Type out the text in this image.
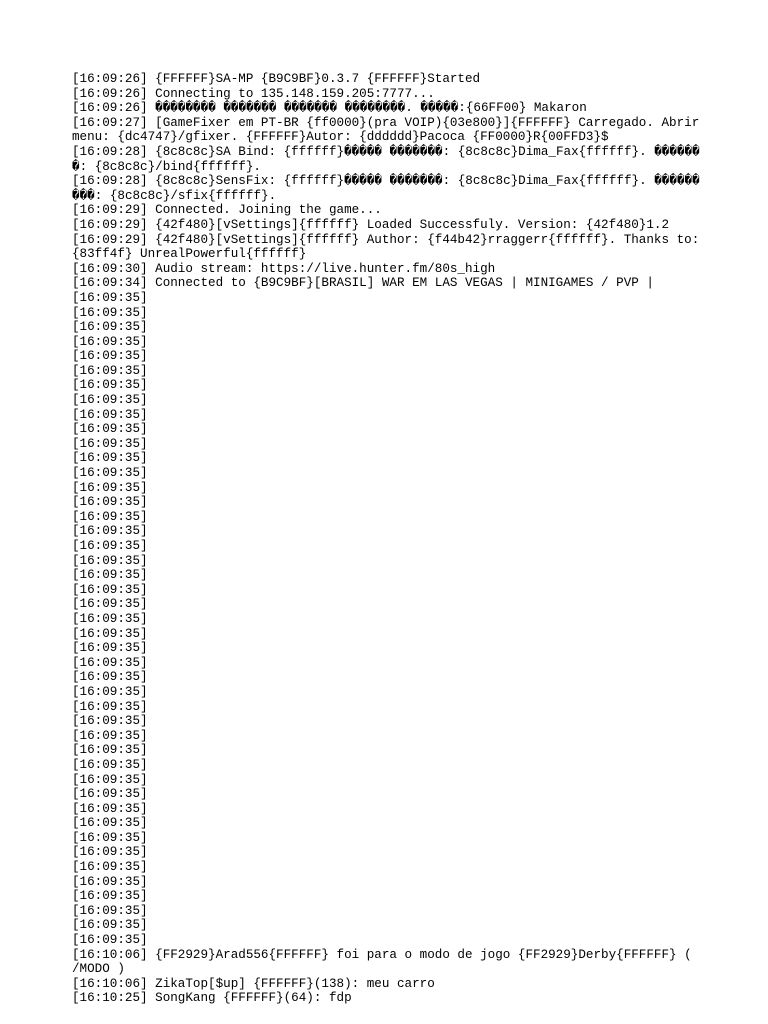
[16:09:26] {FFFFFF}SA-MP {B9C9BF}0.3.7 {FFFFFF}Started
[16:09:26] Connecting to 135.148.159.205:7777...
[16:09:26] �������� ������� ������� ��������. �����:{66FF00} Makaron
[16:09:27] [GameFixer em PT-BR {ff0000}(pra VOIP){03e800}]{FFFFFF} Carregado. Abrir menu: {dc4747}/gfixer. {FFFFFF}Autor: {dddddd}Pacoca {FF0000}R{00FFD3}$
[16:09:28] {8c8c8c}SA Bind: {ffffff}����� �������: {8c8c8c}Dima_Fax{ffffff}. �������: {8c8c8c}/bind{ffffff}.
[16:09:28] {8c8c8c}SensFix: {ffffff}����� �������: {8c8c8c}Dima_Fax{ffffff}. ���������: {8c8c8c}/sfix{ffffff}.
[16:09:29] Connected. Joining the game...
[16:09:29] {42f480}[vSettings]{ffffff} Loaded Successfuly. Version: {42f480}1.2
[16:09:29] {42f480}[vSettings]{ffffff} Author: {f44b42}rraggerr{ffffff}. Thanks to: {83ff4f} UnrealPowerful{ffffff}
[16:09:30] Audio stream: https://live.hunter.fm/80s_high
[16:09:34] Connected to {B9C9BF}[BRASIL] WAR EM LAS VEGAS | MINIGAMES / PVP |
[16:09:35]
[16:09:35]
[16:09:35]
[16:09:35]
[16:09:35]
[16:09:35]
[16:09:35]
[16:09:35]
[16:09:35]
[16:09:35]
[16:09:35]
[16:09:35]
[16:09:35]
[16:09:35]
[16:09:35]
[16:09:35]
[16:09:35]
[16:09:35]
[16:09:35]
[16:09:35]
[16:09:35]
[16:09:35]
[16:09:35]
[16:09:35]
[16:09:35]
[16:09:35]
[16:09:35]
[16:09:35]
[16:09:35]
[16:09:35]
[16:09:35]
[16:09:35]
[16:09:35]
[16:09:35]
[16:09:35]
[16:09:35]
[16:09:35]
[16:09:35]
[16:09:35]
[16:09:35]
[16:09:35]
[16:09:35]
[16:09:35]
[16:09:35]
[16:09:35]
[16:10:06] {FF2929}Arad556{FFFFFF} foi para o modo de jogo {FF2929}Derby{FFFFFF} ( /MODO )
[16:10:06] ZikaTop[$up] {FFFFFF}(138): meu carro
[16:10:25] SongKang {FFFFFF}(64): fdp
